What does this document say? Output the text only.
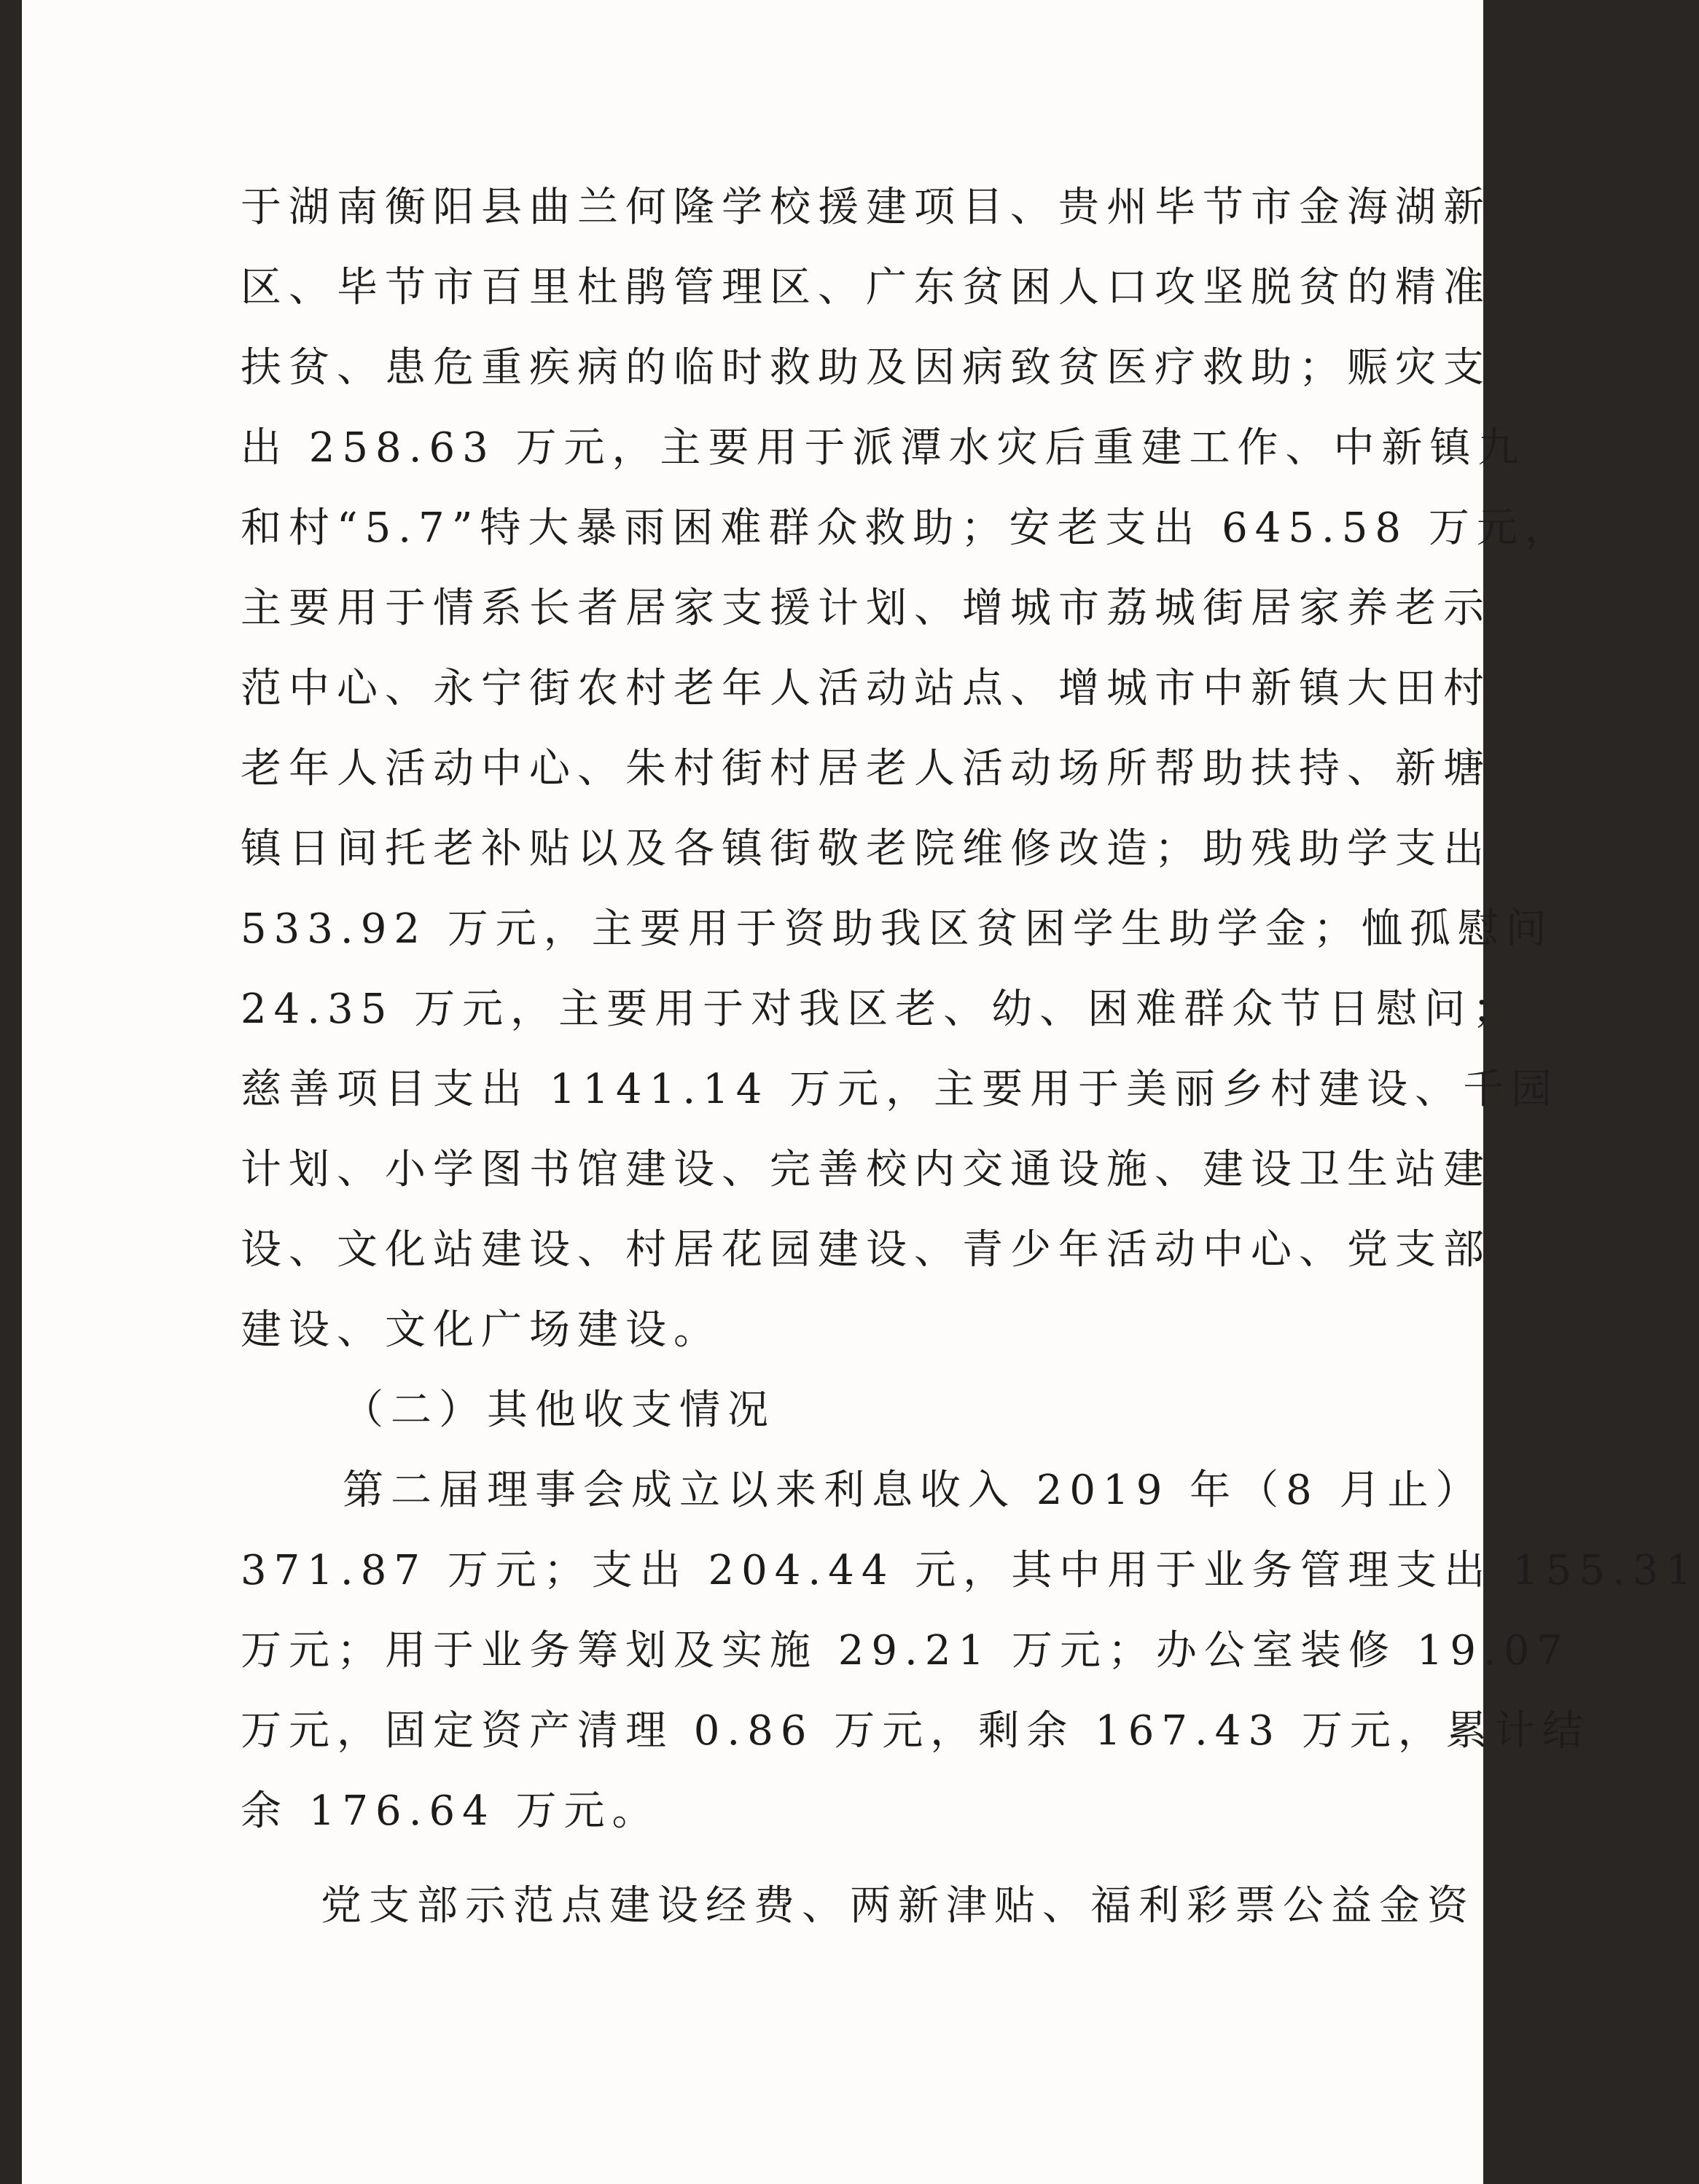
于湖南衡阳县曲兰何隆学校援建项目、贵州毕节市金海湖新
区、毕节市百里杜鹃管理区、广东贫困人口攻坚脱贫的精准
扶贫、患危重疾病的临时救助及因病致贫医疗救助；赈灾支
出 258.63 万元，主要用于派潭水灾后重建工作、中新镇九
和村“5.7”特大暴雨困难群众救助；安老支出 645.58 万元，
主要用于情系长者居家支援计划、增城市荔城街居家养老示
范中心、永宁街农村老年人活动站点、增城市中新镇大田村
老年人活动中心、朱村街村居老人活动场所帮助扶持、新塘
镇日间托老补贴以及各镇街敬老院维修改造；助残助学支出
533.92 万元，主要用于资助我区贫困学生助学金；恤孤慰问
24.35 万元，主要用于对我区老、幼、困难群众节日慰问；
慈善项目支出 1141.14 万元，主要用于美丽乡村建设、千园
计划、小学图书馆建设、完善校内交通设施、建设卫生站建
设、文化站建设、村居花园建设、青少年活动中心、党支部
建设、文化广场建设。
（二）其他收支情况
第二届理事会成立以来利息收入 2019 年（8 月止）
371.87 万元；支出 204.44 元，其中用于业务管理支出 155.31
万元；用于业务筹划及实施 29.21 万元；办公室装修 19.07
万元，固定资产清理 0.86 万元，剩余 167.43 万元，累计结
余 176.64 万元。
党支部示范点建设经费、两新津贴、福利彩票公益金资
